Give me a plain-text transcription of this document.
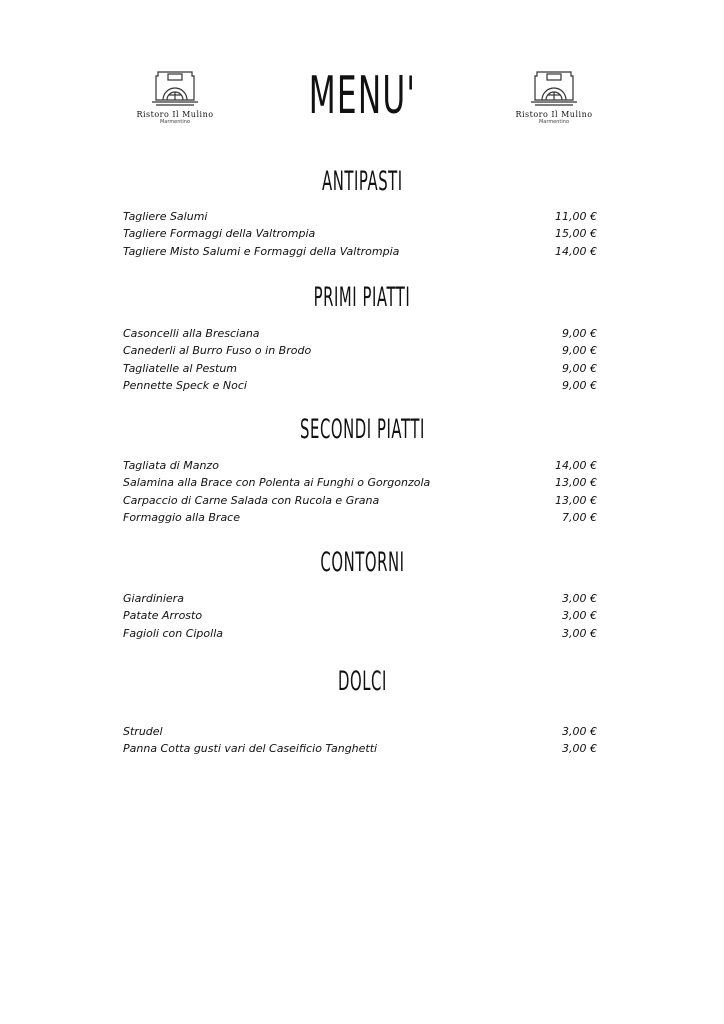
Ristoro Il Mulino
Marmentino
Ristoro Il Mulino
Marmentino
MENU'
ANTIPASTI
Tagliere Salumi	11,00 €
Tagliere Formaggi della Valtrompia	15,00 €
Tagliere Misto Salumi e Formaggi della Valtrompia	14,00 €
PRIMI PIATTI
Casoncelli alla Bresciana	9,00 €
Canederli al Burro Fuso o in Brodo	9,00 €
Tagliatelle al Pestum	9,00 €
Pennette Speck e Noci	9,00 €
SECONDI PIATTI
Tagliata di Manzo	14,00 €
Salamina alla Brace con Polenta ai Funghi o Gorgonzola	13,00 €
Carpaccio di Carne Salada con Rucola e Grana	13,00 €
Formaggio alla Brace	7,00 €
CONTORNI
Giardiniera	3,00 €
Patate Arrosto	3,00 €
Fagioli con Cipolla	3,00 €
DOLCI
Strudel	3,00 €
Panna Cotta gusti vari del Caseificio Tanghetti	3,00 €
